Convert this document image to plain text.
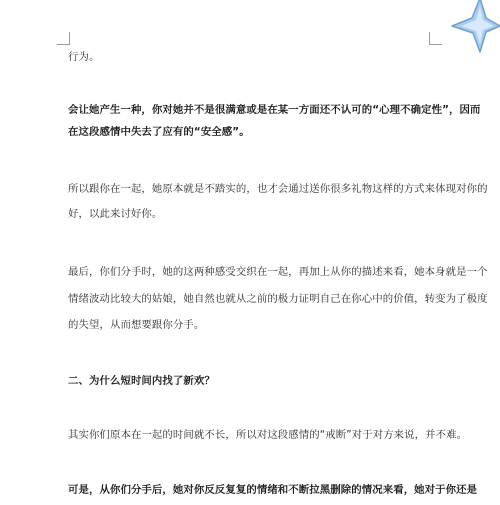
行为。
会让她产生一种，你对她并不是很满意或是在某一方面还不认可的“心理不确定性”，因而
在这段感情中失去了应有的“安全感”。
所以跟你在一起，她原本就是不踏实的，也才会通过送你很多礼物这样的方式来体现对你的
好，以此来讨好你。
最后，你们分手时，她的这两种感受交织在一起，再加上从你的描述来看，她本身就是一个
情绪波动比较大的姑娘，她自然也就从之前的极力证明自己在你心中的价值，转变为了极度
的失望，从而想要跟你分手。
二、为什么短时间内找了新欢？
其实你们原本在一起的时间就不长，所以对这段感情的“戒断”对于对方来说，并不难。
可是，从你们分手后，她对你反反复复的情绪和不断拉黑删除的情况来看，她对于你还是
